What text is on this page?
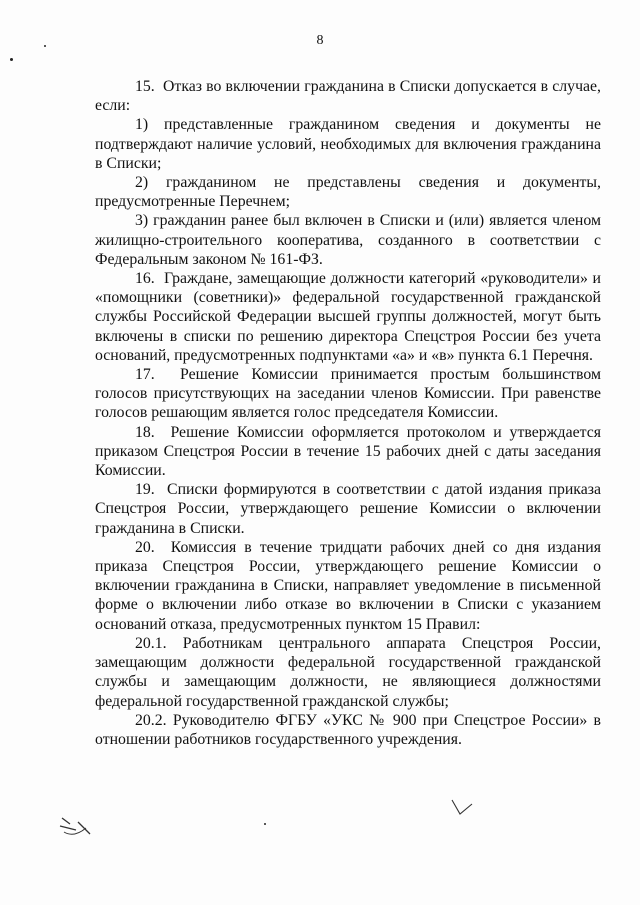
8

15.  Отказ во включении гражданина в Списки допускается в случае, если:

1) представленные гражданином сведения и документы не подтверждают наличие условий, необходимых для включения гражданина в Списки;

2) гражданином не представлены сведения и документы, предусмотренные Перечнем;

3) гражданин ранее был включен в Списки и (или) является членом жилищно-строительного кооператива, созданного в соответствии с Федеральным законом № 161-ФЗ.

16.  Граждане, замещающие должности категорий «руководители» и «помощники (советники)» федеральной государственной гражданской службы Российской Федерации высшей группы должностей, могут быть включены в списки по решению директора Спецстроя России без учета оснований, предусмотренных подпунктами «а» и «в» пункта 6.1 Перечня.

17.  Решение Комиссии принимается простым большинством голосов присутствующих на заседании членов Комиссии. При равенстве голосов решающим является голос председателя Комиссии.

18.  Решение Комиссии оформляется протоколом и утверждается приказом Спецстроя России в течение 15 рабочих дней с даты заседания Комиссии.

19.  Списки формируются в соответствии с датой издания приказа Спецстроя России, утверждающего решение Комиссии о включении гражданина в Списки.

20.  Комиссия в течение тридцати рабочих дней со дня издания приказа Спецстроя России, утверждающего решение Комиссии о включении гражданина в Списки, направляет уведомление в письменной форме о включении либо отказе во включении в Списки с указанием оснований отказа, предусмотренных пунктом 15 Правил:

20.1. Работникам центрального аппарата Спецстроя России, замещающим должности федеральной государственной гражданской службы и замещающим должности, не являющиеся должностями федеральной государственной гражданской службы;

20.2. Руководителю ФГБУ «УКС № 900 при Спецстрое России» в отношении работников государственного учреждения.
